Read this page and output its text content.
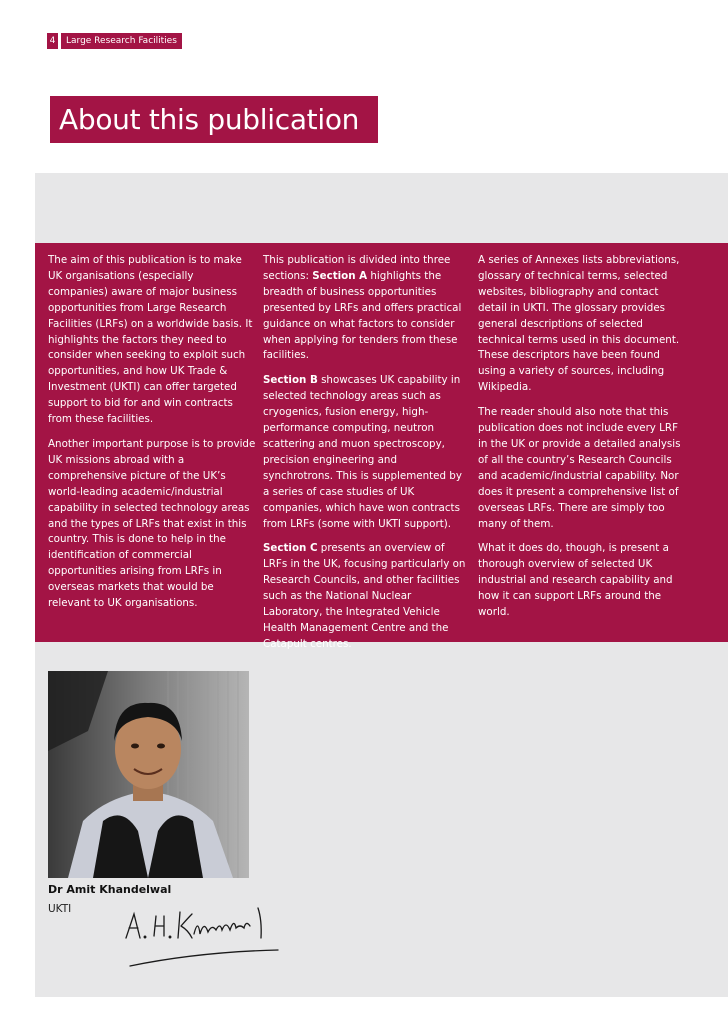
4	Large Research Facilities
About this publication

The aim of this publication is to make UK organisations (especially companies) aware of major business opportunities from Large Research Facilities (LRFs) on a worldwide basis. It highlights the factors they need to consider when seeking to exploit such opportunities, and how UK Trade & Investment (UKTI) can offer targeted support to bid for and win contracts from these facilities.

Another important purpose is to provide UK missions abroad with a comprehensive picture of the UK’s world-leading academic/industrial capability in selected technology areas and the types of LRFs that exist in this country. This is done to help in the identification of commercial opportunities arising from LRFs in overseas markets that would be relevant to UK organisations.

This publication is divided into three sections: Section A highlights the breadth of business opportunities presented by LRFs and offers practical guidance on what factors to consider when applying for tenders from these facilities.

Section B showcases UK capability in selected technology areas such as cryogenics, fusion energy, high-performance computing, neutron scattering and muon spectroscopy, precision engineering and synchrotrons. This is supplemented by a series of case studies of UK companies, which have won contracts from LRFs (some with UKTI support).

Section C presents an overview of LRFs in the UK, focusing particularly on Research Councils, and other facilities such as the National Nuclear Laboratory, the Integrated Vehicle Health Management Centre and the Catapult centres.

A series of Annexes lists abbreviations, glossary of technical terms, selected websites, bibliography and contact detail in UKTI. The glossary provides general descriptions of selected technical terms used in this document. These descriptors have been found using a variety of sources, including Wikipedia.

The reader should also note that this publication does not include every LRF in the UK or provide a detailed analysis of all the country’s Research Councils and academic/industrial capability. Nor does it present a comprehensive list of overseas LRFs. There are simply too many of them.

What it does do, though, is present a thorough overview of selected UK industrial and research capability and how it can support LRFs around the world.

Dr Amit Khandelwal
UKTI
